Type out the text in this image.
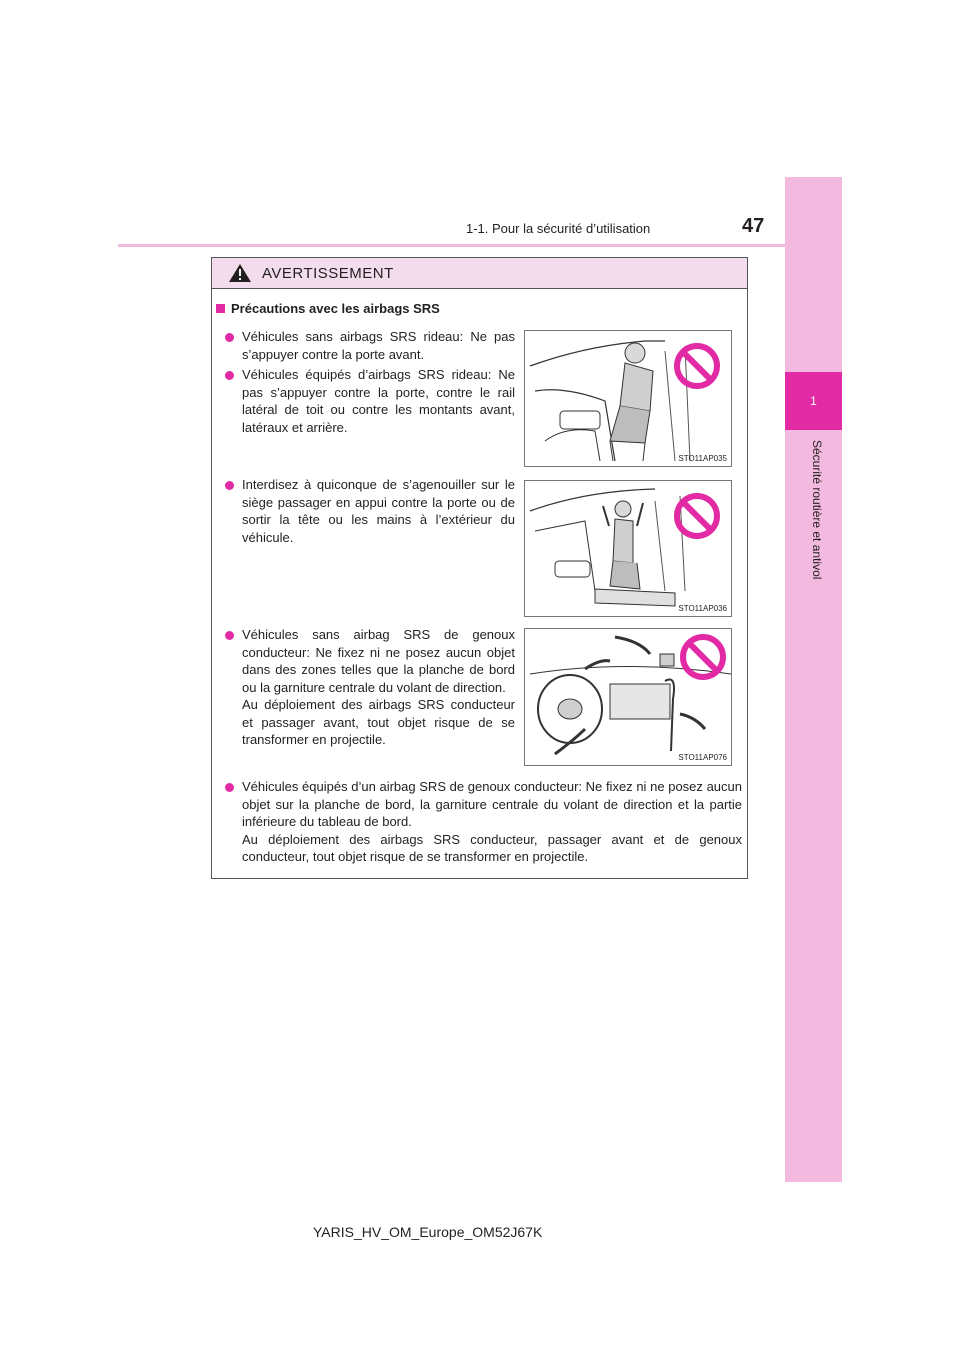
1
Sécurité routière et antivol
1-1. Pour la sécurité d’utilisation	47
AVERTISSEMENT
Précautions avec les airbags SRS

Véhicules sans airbags SRS rideau: Ne pas s’appuyer contre la porte avant.

Véhicules équipés d’airbags SRS rideau: Ne pas s’appuyer contre la porte, contre le rail latéral de toit ou contre les montants avant, latéraux et arrière.

Interdisez à quiconque de s’agenouiller sur le siège passager en appui contre la porte ou de sortir la tête ou les mains à l’extérieur du véhicule.

Véhicules sans airbag SRS de genoux conducteur: Ne fixez ni ne posez aucun objet dans des zones telles que la planche de bord ou la garniture centrale du volant de direction.

Au déploiement des airbags SRS conducteur et passager avant, tout objet risque de se transformer en projectile.

Véhicules équipés d’un airbag SRS de genoux conducteur: Ne fixez ni ne posez aucun objet sur la planche de bord, la garniture centrale du volant de direction et la partie inférieure du tableau de bord.

Au déploiement des airbags SRS conducteur, passager avant et de genoux conducteur, tout objet risque de se transformer en projectile.

STO11AP035
STO11AP036
STO11AP076
YARIS_HV_OM_Europe_OM52J67K
